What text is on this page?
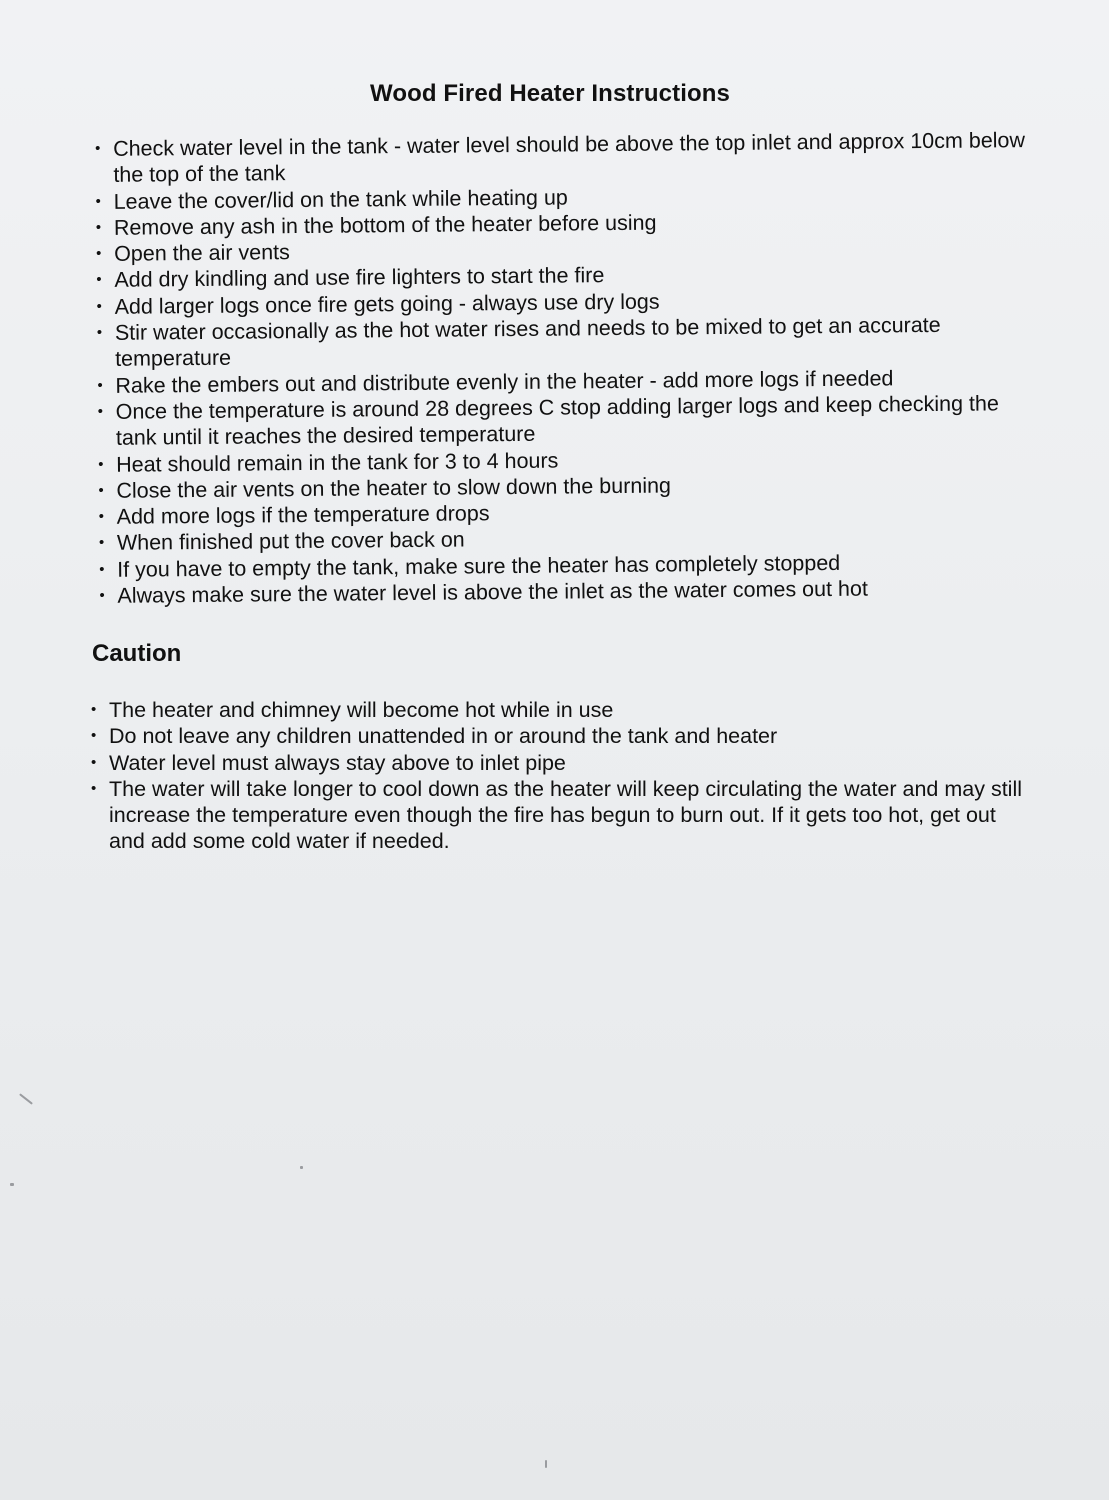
Wood Fired Heater Instructions
• Check water level in the tank - water level should be above the top inlet and approx 10cm below the top of the tank
• Leave the cover/lid on the tank while heating up
• Remove any ash in the bottom of the heater before using
• Open the air vents
• Add dry kindling and use fire lighters to start the fire
• Add larger logs once fire gets going - always use dry logs
• Stir water occasionally as the hot water rises and needs to be mixed to get an accurate temperature
• Rake the embers out and distribute evenly in the heater - add more logs if needed
• Once the temperature is around 28 degrees C stop adding larger logs and keep checking the tank until it reaches the desired temperature
• Heat should remain in the tank for 3 to 4 hours
• Close the air vents on the heater to slow down the burning
• Add more logs if the temperature drops
• When finished put the cover back on
• If you have to empty the tank, make sure the heater has completely stopped
• Always make sure the water level is above the inlet as the water comes out hot
Caution
• The heater and chimney will become hot while in use
• Do not leave any children unattended in or around the tank and heater
• Water level must always stay above to inlet pipe
• The water will take longer to cool down as the heater will keep circulating the water and may still increase the temperature even though the fire has begun to burn out. If it gets too hot, get out and add some cold water if needed.
